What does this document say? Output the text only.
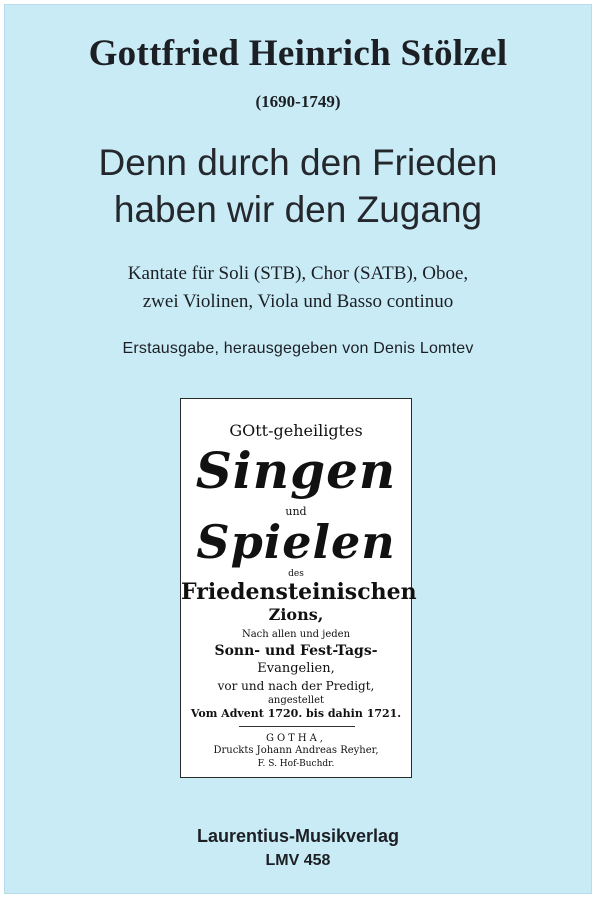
Gottfried Heinrich Stölzel
(1690-1749)
Denn durch den Frieden
haben wir den Zugang
Kantate für Soli (STB), Chor (SATB), Oboe,
zwei Violinen, Viola und Basso continuo
Erstausgabe, herausgegeben von Denis Lomtev
GOtt-geheiligtes
Singen
und
Spielen
des
Friedensteinischen
Zions,
Nach allen und jeden
Sonn- und Fest-Tags-
Evangelien,
vor und nach der Predigt,
angestellet
Vom Advent 1720. bis dahin 1721.
GOTHA,
Druckts Johann Andreas Reyher,
F. S. Hof-Buchdr.
Laurentius-Musikverlag
LMV 458
